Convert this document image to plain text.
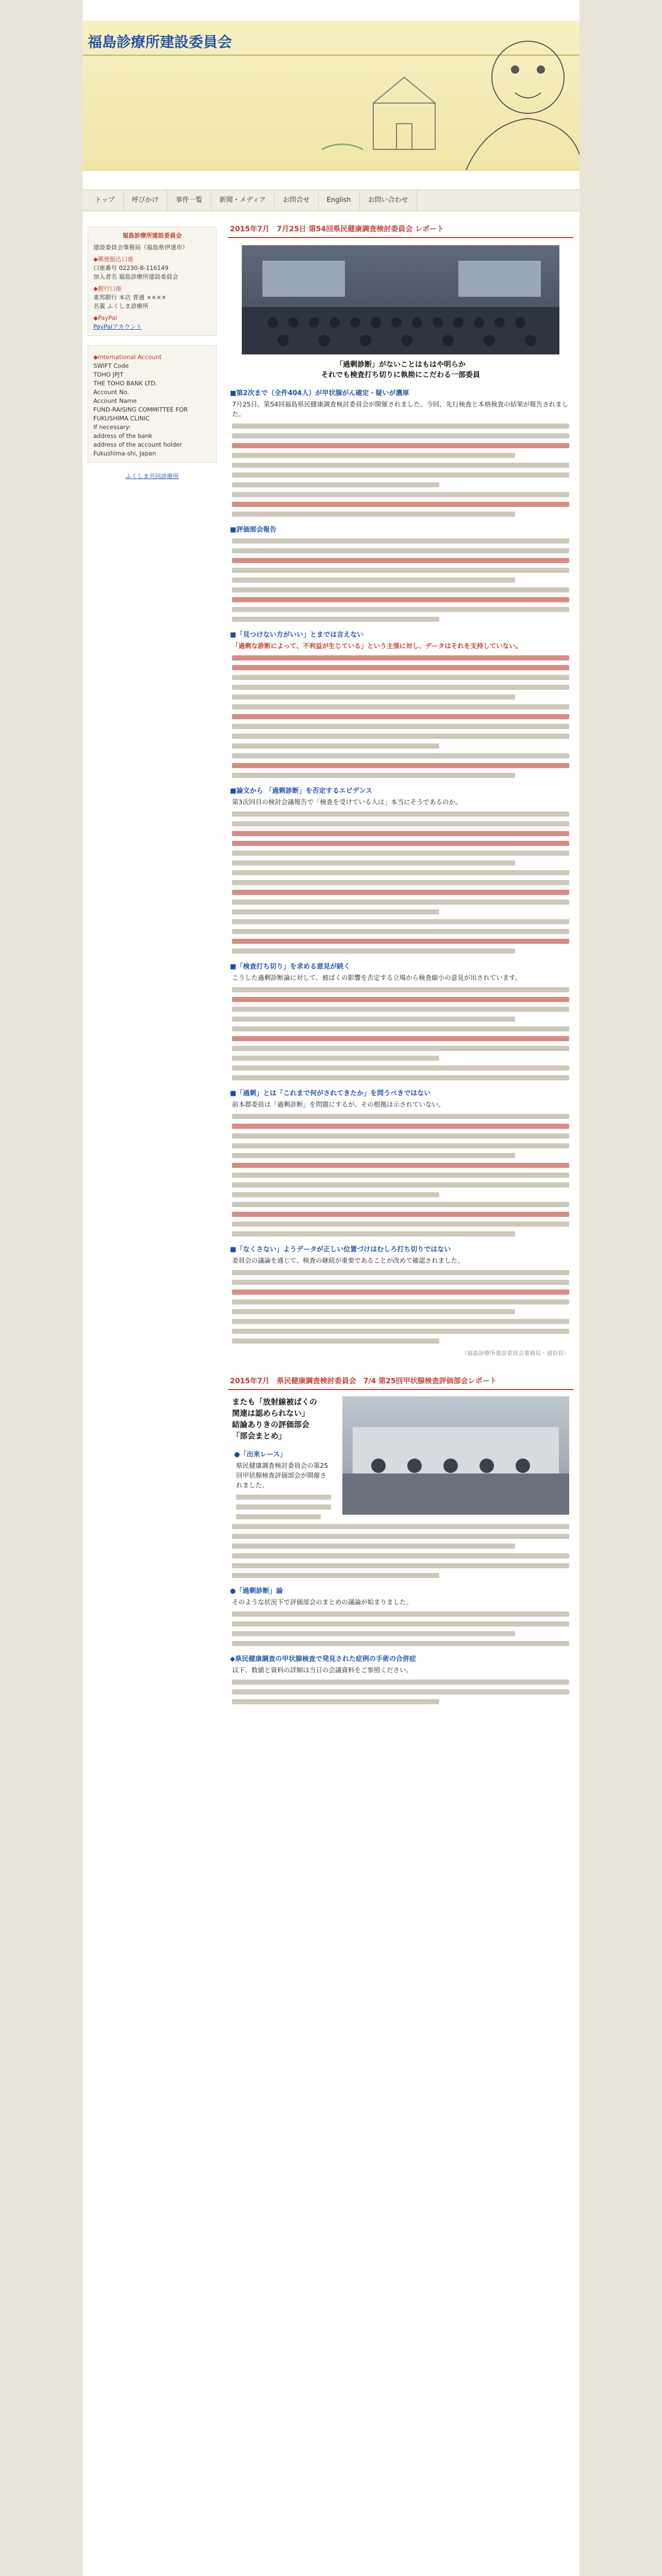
福島診療所建設委員会
トップ	呼びかけ	事件一覧	新聞・メディア	お問合せ	English	お問い合わせ
福島診療所建設委員会
建設委員会事務局（福島県伊達市）
◆郵便振込口座
口座番号 02230-8-116149
加入者名 福島診療所建設委員会
◆銀行口座
東邦銀行 本店 普通 ××××
名義 ふくしま診療所
◆PayPal
PayPalアカウント
◆International Account
SWIFT Code
TOHO JPJT
THE TOHO BANK LTD.
Account No.
Account Name
FUND-RAISING COMMITTEE FOR
FUKUSHIMA CLINIC
If necessary:
address of the bank
address of the account holder
Fukushima-shi, Japan
ふくしま共同診療所
2015年7月　7月25日 第54回県民健康調査検討委員会 レポート
「過剰診断」がないことはもはや明らか
それでも検査打ち切りに執拗にこだわる一部委員
■第2次まで（全件404人）が甲状腺がん確定・疑いが濃厚
7月25日、第54回福島県民健康調査検討委員会が開催されました。今回、先行検査と本格検査の結果が報告されました。
■評価部会報告
■「見つけない方がいい」とまでは言えない
「過剰な診断によって、不利益が生じている」という主張に対し、データはそれを支持していない。
■論文から 「過剰診断」を否定するエビデンス
第3次回目の検討会議報告で「検査を受けている人は」本当にそうであるのか。
■「検査打ち切り」を求める意見が続く
こうした過剰診断論に対して、被ばくの影響を否定する立場から検査縮小の意見が出されています。
■「過剰」とは「これまで何がされてきたか」を問うべきではない
前本郡委員は「過剰診断」を問題にするが、その根拠は示されていない。
■「なくさない」ようデータが正しい位置づけはむしろ打ち切りではない
委員会の議論を通じて、検査の継続が重要であることが改めて確認されました。
（福島診療所建設委員会事務局・通信員）
2015年7月　県民健康調査検討委員会　7/4 第25回甲状腺検査評価部会レポート
またも「放射線被ばくの
関連は認められない」
結論ありきの評価部会
「部会まとめ」
●「出来レース」
県民健康調査検討委員会の第25回甲状腺検査評価部会が開催されました。
●「過剰診断」論
そのような状況下で評価部会のまとめの議論が始まりました。
◆県民健康調査の甲状腺検査で発見された症例の手術の合併症
以下、数値と資料の詳細は当日の会議資料をご参照ください。
